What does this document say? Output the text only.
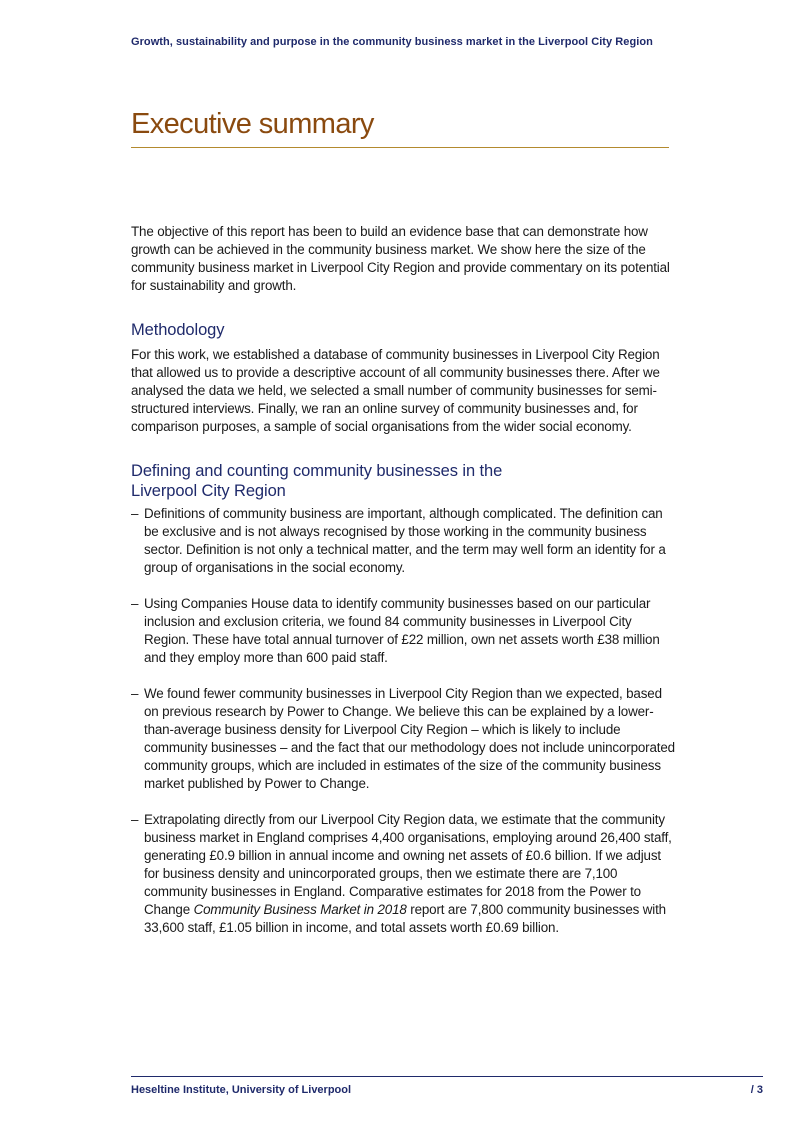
Growth, sustainability and purpose in the community business market in the Liverpool City Region
Executive summary

The objective of this report has been to build an evidence base that can demonstrate how growth can be achieved in the community business market. We show here the size of the community business market in Liverpool City Region and provide commentary on its potential for sustainability and growth.

Methodology

For this work, we established a database of community businesses in Liverpool City Region that allowed us to provide a descriptive account of all community businesses there. After we analysed the data we held, we selected a small number of community businesses for semi-structured interviews. Finally, we ran an online survey of community businesses and, for comparison purposes, a sample of social organisations from the wider social economy.

Defining and counting community businesses in the
Liverpool City Region
– Definitions of community business are important, although complicated. The definition can be exclusive and is not always recognised by those working in the community business sector. Definition is not only a technical matter, and the term may well form an identity for a group of organisations in the social economy.
– Using Companies House data to identify community businesses based on our particular inclusion and exclusion criteria, we found 84 community businesses in Liverpool City Region. These have total annual turnover of £22 million, own net assets worth £38 million and they employ more than 600 paid staff.
– We found fewer community businesses in Liverpool City Region than we expected, based on previous research by Power to Change. We believe this can be explained by a lower-than-average business density for Liverpool City Region – which is likely to include community businesses – and the fact that our methodology does not include unincorporated community groups, which are included in estimates of the size of the community business market published by Power to Change.
– Extrapolating directly from our Liverpool City Region data, we estimate that the community business market in England comprises 4,400 organisations, employing around 26,400 staff, generating £0.9 billion in annual income and owning net assets of £0.6 billion. If we adjust for business density and unincorporated groups, then we estimate there are 7,100 community businesses in England. Comparative estimates for 2018 from the Power to Change Community Business Market in 2018 report are 7,800 community businesses with 33,600 staff, £1.05 billion in income, and total assets worth £0.69 billion.
Heseltine Institute, University of Liverpool	/ 3
